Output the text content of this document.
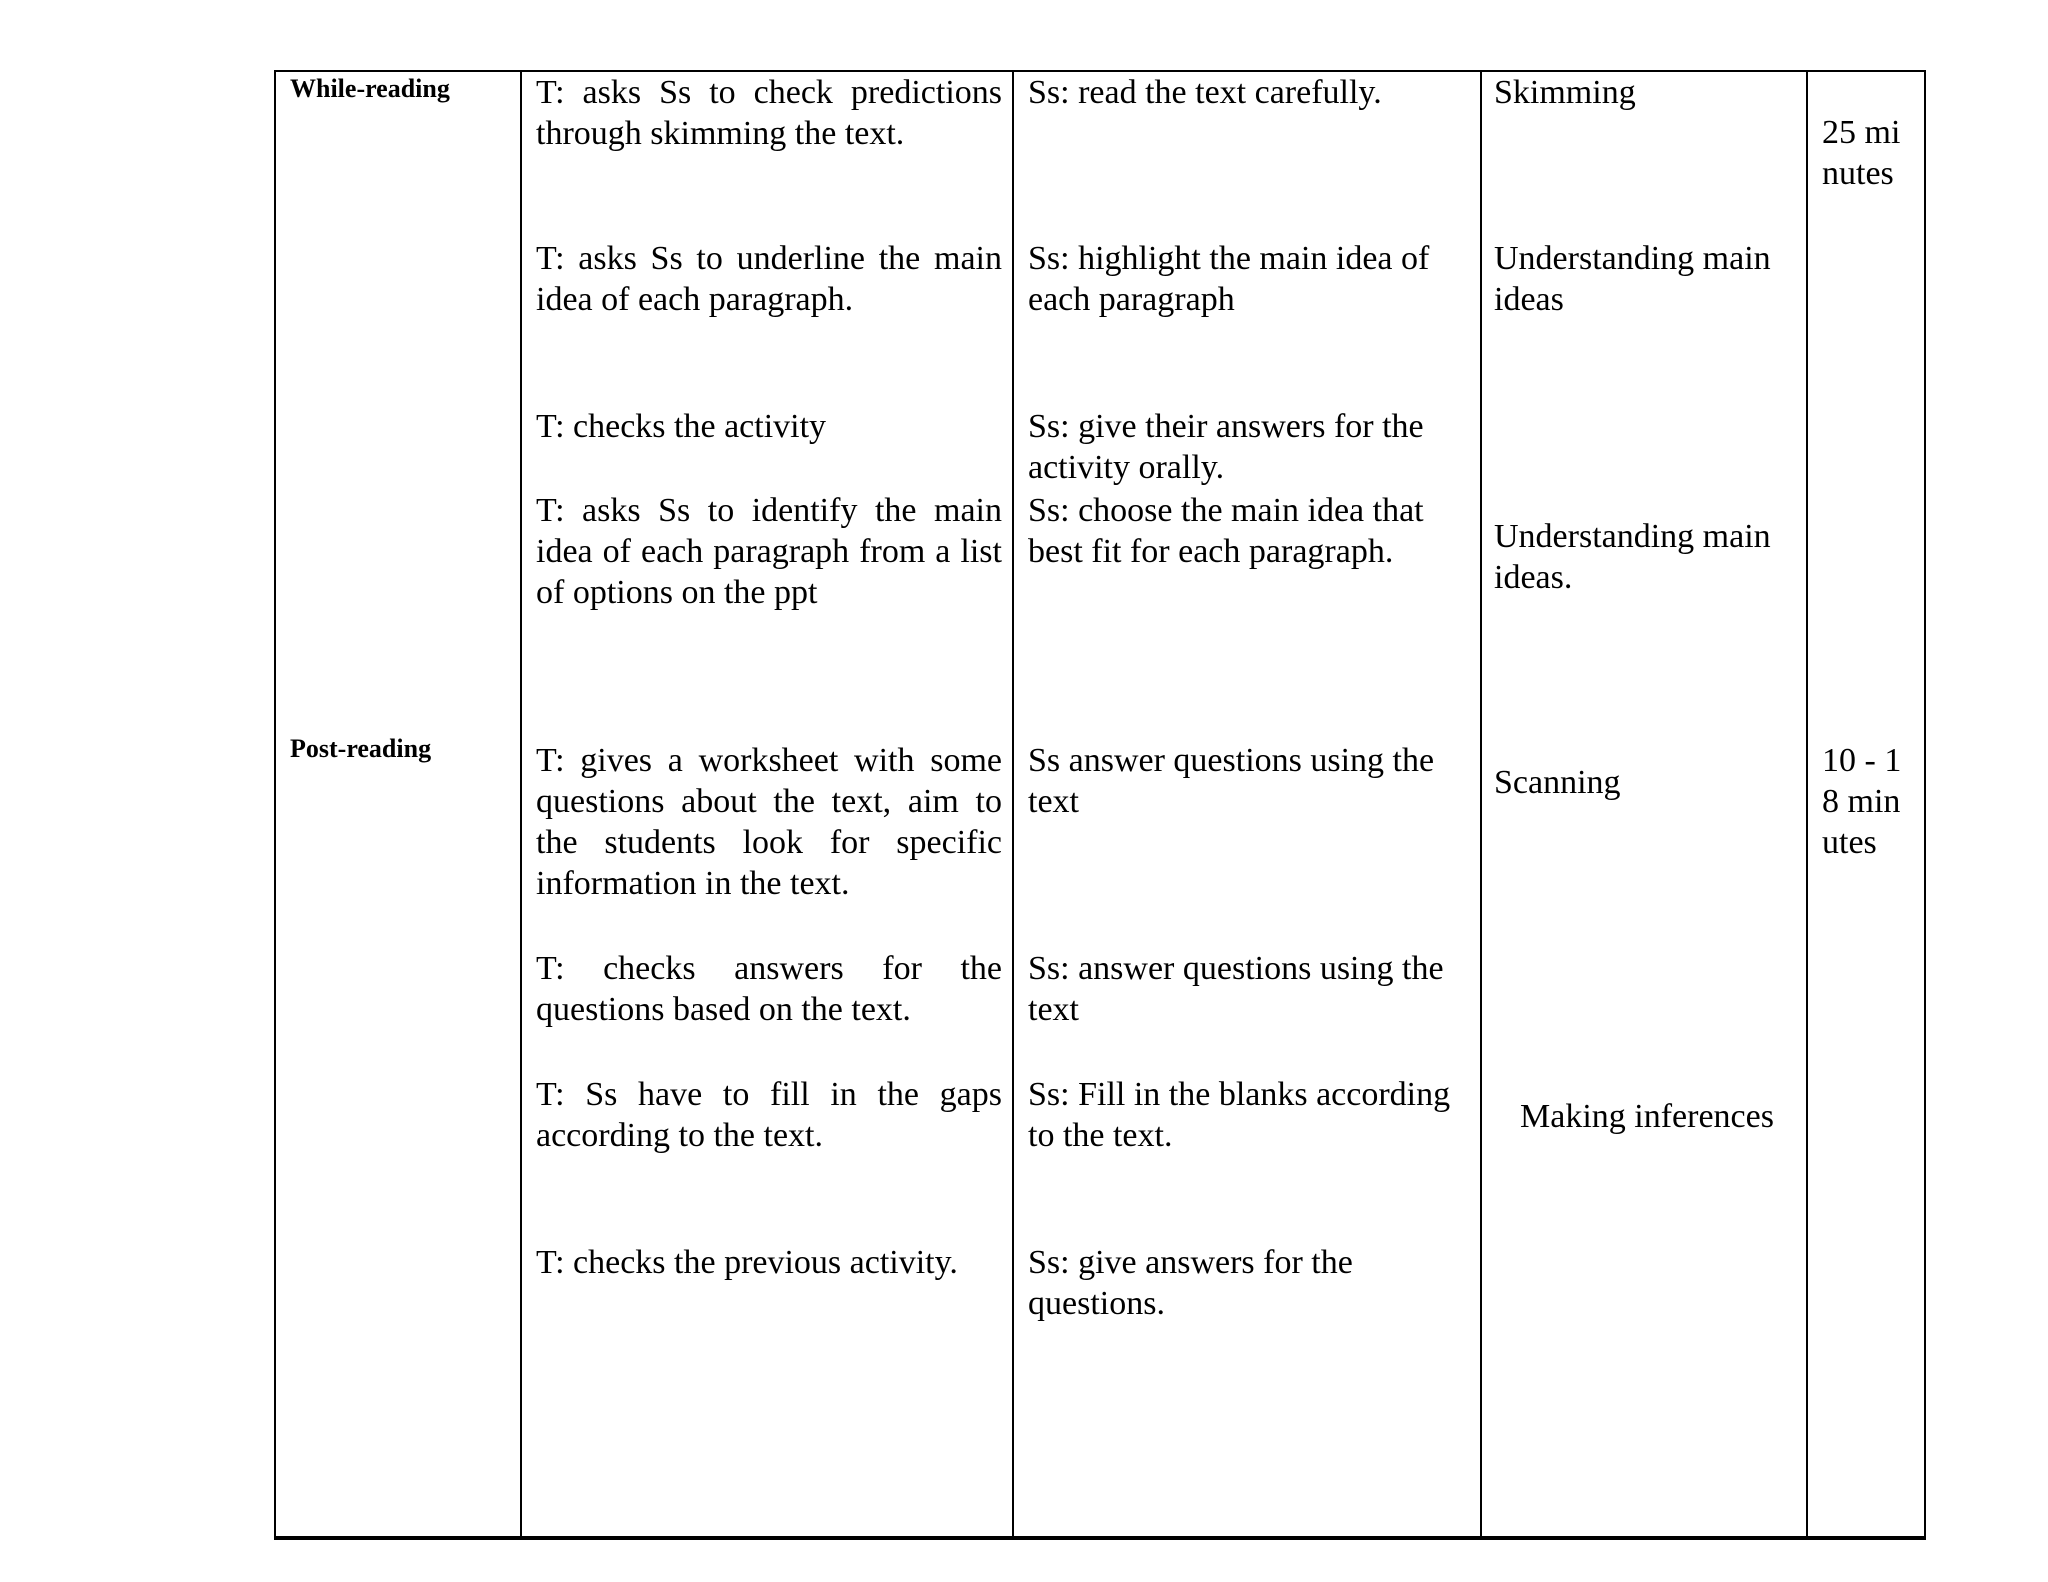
While-reading
Post-reading
T: asks Ss to check predictions through skimming the text.
T: asks Ss to underline the main idea of each paragraph.
T: checks the activity
T: asks Ss to identify the main idea of each paragraph from a list of options on the ppt
Ss: read the text carefully.
Ss: highlight the main idea of each paragraph
Ss: give their answers for the activity orally.
Ss: choose the main idea that best fit for each paragraph.
Skimming
Understanding main ideas
Understanding main ideas.
25 minutes
T: gives a worksheet with some questions about the text, aim to the students look for specific information in the text.
T: checks answers for the questions based on the text.
T: Ss have to fill in the gaps according to the text.
T: checks the previous activity.
Ss answer questions using the text
Ss: answer questions using the text
Ss: Fill in the blanks according to the text.
Ss: give answers for the questions.
Scanning
Making inferences
10 - 18 minutes
